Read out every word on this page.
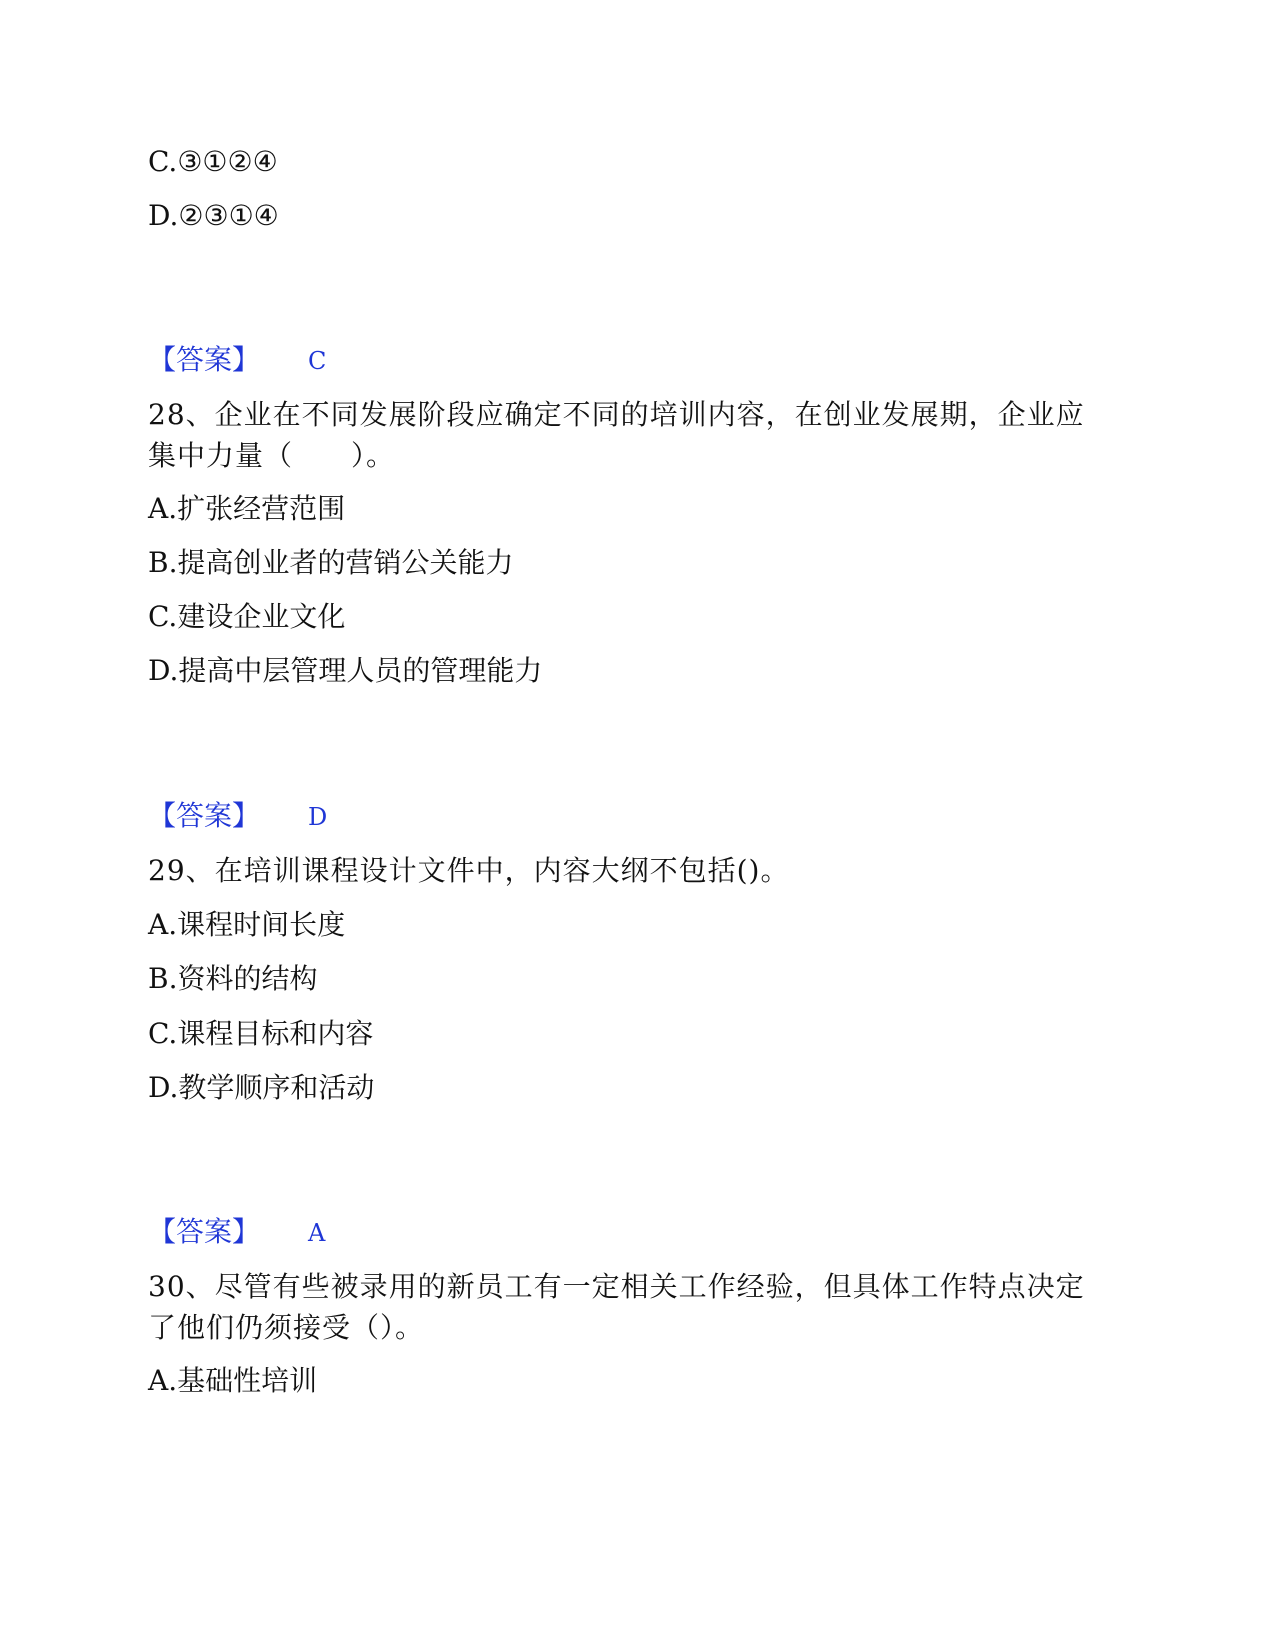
C.③①②④
D.②③①④
【答案】 C
28、企业在不同发展阶段应确定不同的培训内容，在创业发展期，企业应集中力量（　　）。
A.扩张经营范围
B.提高创业者的营销公关能力
C.建设企业文化
D.提高中层管理人员的管理能力
【答案】 D
29、在培训课程设计文件中，内容大纲不包括()。
A.课程时间长度
B.资料的结构
C.课程目标和内容
D.教学顺序和活动
【答案】 A
30、尽管有些被录用的新员工有一定相关工作经验，但具体工作特点决定了他们仍须接受（）。
A.基础性培训
